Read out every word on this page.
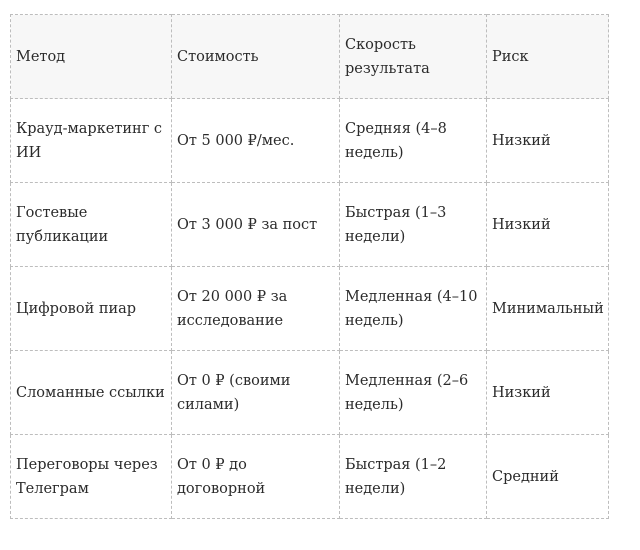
Метод	Стоимость	Скорость результата	Риск
Крауд-маркетинг с ИИ	От 5 000 ₽/мес.	Средняя (4–8 недель)	Низкий
Гостевые публикации	От 3 000 ₽ за пост	Быстрая (1–3 недели)	Низкий
Цифровой пиар	От 20 000 ₽ за исследование	Медленная (4–10 недель)	Минимальный
Сломанные ссылки	От 0 ₽ (своими силами)	Медленная (2–6 недель)	Низкий
Переговоры через Телеграм	От 0 ₽ до договорной	Быстрая (1–2 недели)	Средний
